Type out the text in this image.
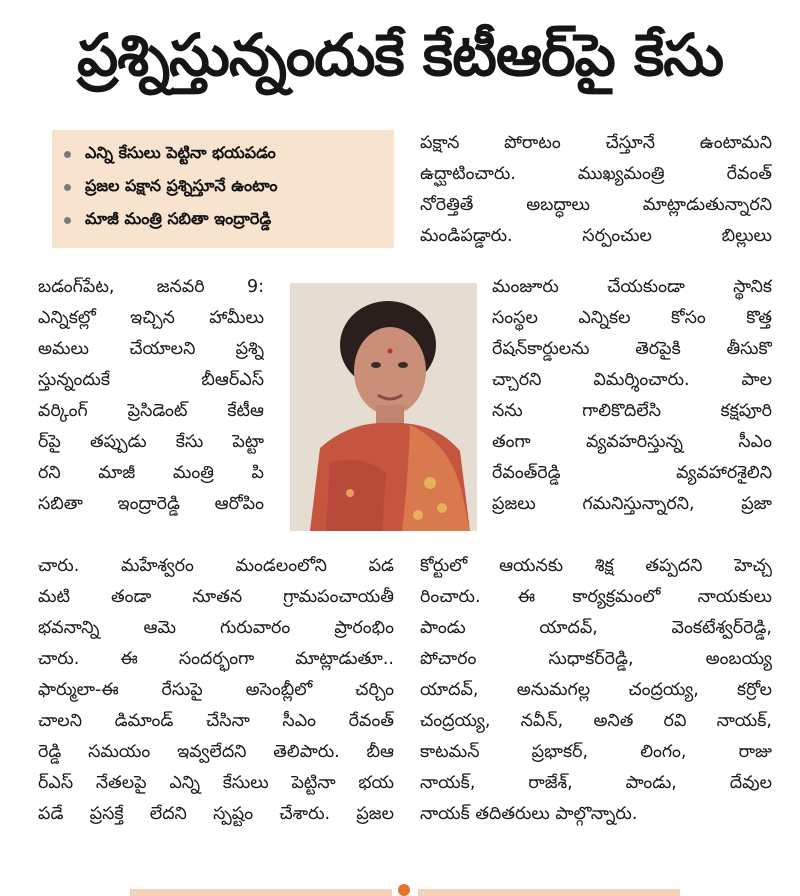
ప్రశ్నిస్తున్నందుకే కేటీఆర్‌పై కేసు
ఎన్ని కేసులు పెట్టినా భయపడం
ప్రజల పక్షాన ప్రశ్నిస్తూనే ఉంటాం
మాజీ మంత్రి సబితా ఇంద్రారెడ్డి
బడంగ్‌పేట, జనవరి 9:
ఎన్నికల్లో ఇచ్చిన హామీలు
అమలు చేయాలని ప్రశ్ని
స్తున్నందుకే బీఆర్‌ఎస్
వర్కింగ్ ప్రెసిడెంట్ కేటీఆ
ర్‌పై తప్పుడు కేసు పెట్టా
రని మాజీ మంత్రి పి
సబితా ఇంద్రారెడ్డి ఆరోపిం
చారు. మహేశ్వరం మండలంలోని పడ
మటి తండా నూతన గ్రామపంచాయతీ
భవనాన్ని ఆమె గురువారం ప్రారంభిం
చారు. ఈ సందర్భంగా మాట్లాడుతూ..
ఫార్ములా-ఈ రేసుపై అసెంబ్లీలో చర్చిం
చాలని డిమాండ్ చేసినా సీఎం రేవంత్
రెడ్డి సమయం ఇవ్వలేదని తెలిపారు. బీఆ
ర్‌ఎస్ నేతలపై ఎన్ని కేసులు పెట్టినా భయ
పడే ప్రసక్తే లేదని స్పష్టం చేశారు. ప్రజల
పక్షాన పోరాటం చేస్తూనే ఉంటామని
ఉద్ఘాటించారు. ముఖ్యమంత్రి రేవంత్
నోరెత్తితే అబద్ధాలు మాట్లాడుతున్నారని
మండిపడ్డారు. సర్పంచుల బిల్లులు
మంజూరు చేయకుండా స్థానిక
సంస్థల ఎన్నికల కోసం కొత్త
రేషన్‌కార్డులను తెరపైకి తీసుకొ
చ్చారని విమర్శించారు. పాల
నను గాలికొదిలేసి కక్షపూరి
తంగా వ్యవహరిస్తున్న సీఎం
రేవంత్‌రెడ్డి వ్యవహారశైలిని
ప్రజలు గమనిస్తున్నారని, ప్రజా
కోర్టులో ఆయనకు శిక్ష తప్పదని హెచ్చ
రించారు. ఈ కార్యక్రమంలో నాయకులు
పాండు యాదవ్, వెంకటేశ్వర్‌రెడ్డి,
పోచారం సుధాకర్‌రెడ్డి, అంబయ్య
యాదవ్, అనుమగల్ల చంద్రయ్య, కర్రోల
చంద్రయ్య, నవీన్, అనిత రవి నాయక్,
కాటమన్ ప్రభాకర్, లింగం, రాజు
నాయక్, రాజేశ్, పాండు, దేవుల
నాయక్ తదితరులు పాల్గొన్నారు.
